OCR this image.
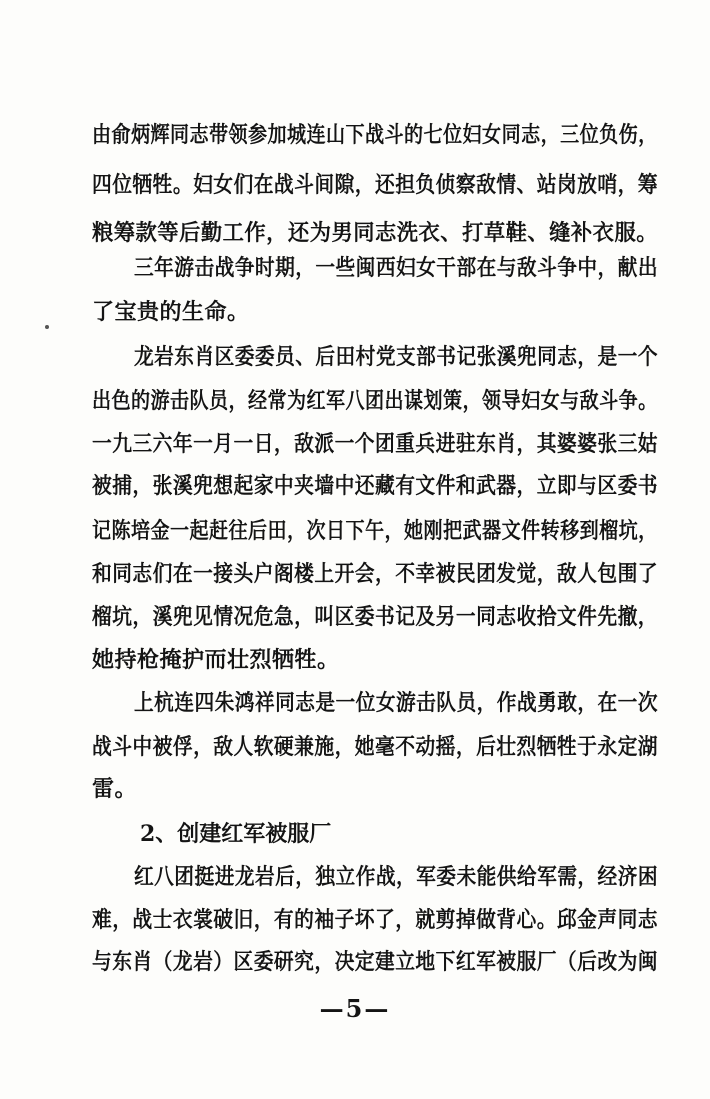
由俞炳辉同志带领参加城连山下战斗的七位妇女同志，三位负伤，
四位牺牲。妇女们在战斗间隙，还担负侦察敌情、站岗放哨，筹
粮筹款等后勤工作，还为男同志洗衣、打草鞋、缝补衣服。
三年游击战争时期，一些闽西妇女干部在与敌斗争中，献出
了宝贵的生命。
龙岩东肖区委委员、后田村党支部书记张溪兜同志，是一个
出色的游击队员，经常为红军八团出谋划策，领导妇女与敌斗争。
一九三六年一月一日，敌派一个团重兵进驻东肖，其婆婆张三姑
被捕，张溪兜想起家中夹墙中还藏有文件和武器，立即与区委书
记陈培金一起赶往后田，次日下午，她刚把武器文件转移到榴坑，
和同志们在一接头户阁楼上开会，不幸被民团发觉，敌人包围了
榴坑，溪兜见情况危急，叫区委书记及另一同志收拾文件先撤，
她持枪掩护而壮烈牺牲。
上杭连四朱鸿祥同志是一位女游击队员，作战勇敢，在一次
战斗中被俘，敌人软硬兼施，她毫不动摇，后壮烈牺牲于永定湖
雷。
2、创建红军被服厂
红八团挺进龙岩后，独立作战，军委未能供给军需，经济困
难，战士衣裳破旧，有的袖子坏了，就剪掉做背心。邱金声同志
与东肖（龙岩）区委研究，决定建立地下红军被服厂（后改为闽
—5—
